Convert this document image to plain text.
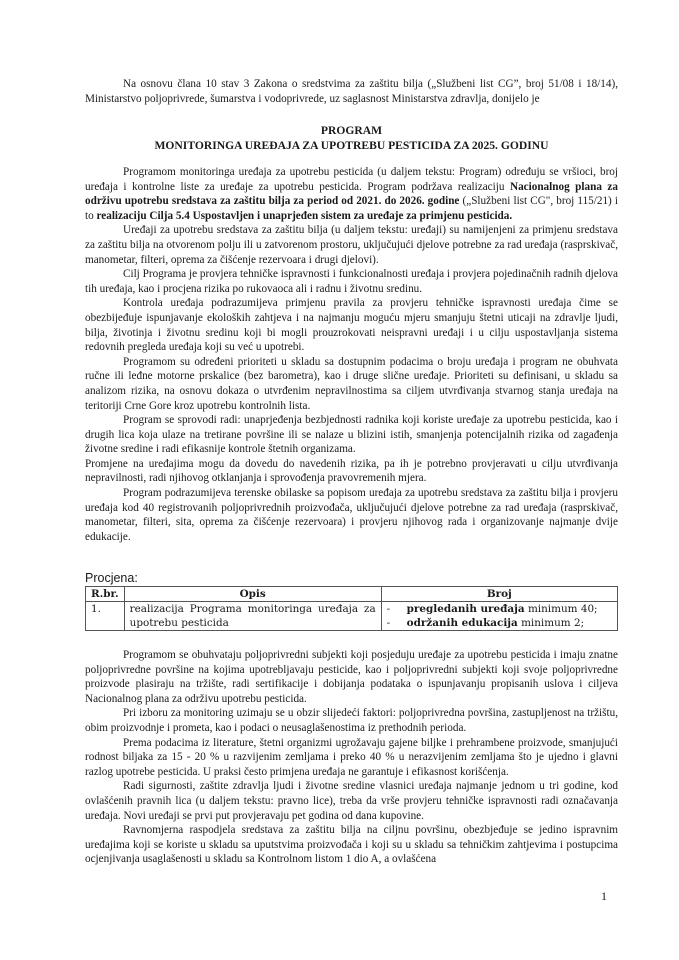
Na osnovu člana 10 stav 3 Zakona o sredstvima za zaštitu bilja („Službeni list CG”, broj 51/08 i 18/14), Ministarstvo poljoprivrede, šumarstva i vodoprivrede, uz saglasnost Ministarstva zdravlja, donijelo je

PROGRAM
MONITORINGA UREĐAJA ZA UPOTREBU PESTICIDA ZA 2025. GODINU

Programom monitoringa uređaja za upotrebu pesticida (u daljem tekstu: Program) određuju se vršioci, broj uređaja i kontrolne liste za uređaje za upotrebu pesticida. Program podržava realizaciju Nacionalnog plana za održivu upotrebu sredstava za zaštitu bilja za period od 2021. do 2026. godine („Službeni list CG", broj 115/21) i to realizaciju Cilja 5.4 Uspostavljen i unaprjeđen sistem za uređaje za primjenu pesticida.

Uređaji za upotrebu sredstava za zaštitu bilja (u daljem tekstu: uređaji) su namijenjeni za primjenu sredstava za zaštitu bilja na otvorenom polju ili u zatvorenom prostoru, uključujući djelove potrebne za rad uređaja (rasprskivač, manometar, filteri, oprema za čišćenje rezervoara i drugi djelovi).

Cilj Programa je provjera tehničke ispravnosti i funkcionalnosti uređaja i provjera pojedinačnih radnih djelova tih uređaja, kao i procjena rizika po rukovaoca ali i radnu i životnu sredinu.

Kontrola uređaja podrazumijeva primjenu pravila za provjeru tehničke ispravnosti uređaja čime se obezbijeđuje ispunjavanje ekoloških zahtjeva i na najmanju moguću mjeru smanjuju štetni uticaji na zdravlje ljudi, bilja, životinja i životnu sredinu koji bi mogli prouzrokovati neispravni uređaji i u cilju uspostavljanja sistema redovnih pregleda uređaja koji su već u upotrebi.

Programom su određeni prioriteti u skladu sa dostupnim podacima o broju uređaja i program ne obuhvata ručne ili leđne motorne prskalice (bez barometra), kao i druge slične uređaje. Prioriteti su definisani, u skladu sa analizom rizika, na osnovu dokaza o utvrđenim nepravilnostima sa ciljem utvrđivanja stvarnog stanja uređaja na teritoriji Crne Gore kroz upotrebu kontrolnih lista.

Program se sprovodi radi: unaprjeđenja bezbjednosti radnika koji koriste uređaje za upotrebu pesticida, kao i drugih lica koja ulaze na tretirane površine ili se nalaze u blizini istih, smanjenja potencijalnih rizika od zagađenja životne sredine i radi efikasnije kontrole štetnih organizama.

Promjene na uređajima mogu da dovedu do navedenih rizika, pa ih je potrebno provjeravati u cilju utvrđivanja nepravilnosti, radi njihovog otklanjanja i sprovođenja pravovremenih mjera.

Program podrazumijeva terenske obilaske sa popisom uređaja za upotrebu sredstava za zaštitu bilja i provjeru uređaja kod 40 registrovanih poljoprivrednih proizvođača, uključujući djelove potrebne za rad uređaja (rasprskivač, manometar, filteri, sita, oprema za čišćenje rezervoara) i provjeru njihovog rada i organizovanje najmanje dvije edukacije.

Procjena:
R.br.	Opis	Broj
1.	realizacija Programa monitoringa uređaja za upotrebu pesticida	- pregledanih uređaja minimum 40;
- održanih edukacija minimum 2;

Programom se obuhvataju poljoprivredni subjekti koji posjeduju uređaje za upotrebu pesticida i imaju znatne poljoprivredne površine na kojima upotrebljavaju pesticide, kao i poljoprivredni subjekti koji svoje poljoprivredne proizvode plasiraju na tržište, radi sertifikacije i dobijanja podataka o ispunjavanju propisanih uslova i ciljeva Nacionalnog plana za održivu upotrebu pesticida.

Pri izboru za monitoring uzimaju se u obzir slijedeći faktori: poljoprivredna površina, zastupljenost na tržištu, obim proizvodnje i prometa, kao i podaci o neusaglašenostima iz prethodnih perioda.

Prema podacima iz literature, štetni organizmi ugrožavaju gajene biljke i prehrambene proizvode, smanjujući rodnost biljaka za 15 - 20 % u razvijenim zemljama i preko 40 % u nerazvijenim zemljama što je ujedno i glavni razlog upotrebe pesticida. U praksi često primjena uređaja ne garantuje i efikasnost korišćenja.

Radi sigurnosti, zaštite zdravlja ljudi i životne sredine vlasnici uređaja najmanje jednom u tri godine, kod ovlašćenih pravnih lica (u daljem tekstu: pravno lice), treba da vrše provjeru tehničke ispravnosti radi označavanja uređaja. Novi uređaji se prvi put provjeravaju pet godina od dana kupovine.

Ravnomjerna raspodjela sredstava za zaštitu bilja na ciljnu površinu, obezbjeđuje se jedino ispravnim uređajima koji se koriste u skladu sa uputstvima proizvođača i koji su u skladu sa tehničkim zahtjevima i postupcima ocjenjivanja usaglašenosti u skladu sa Kontrolnom listom 1 dio A, a ovlašćena

1
